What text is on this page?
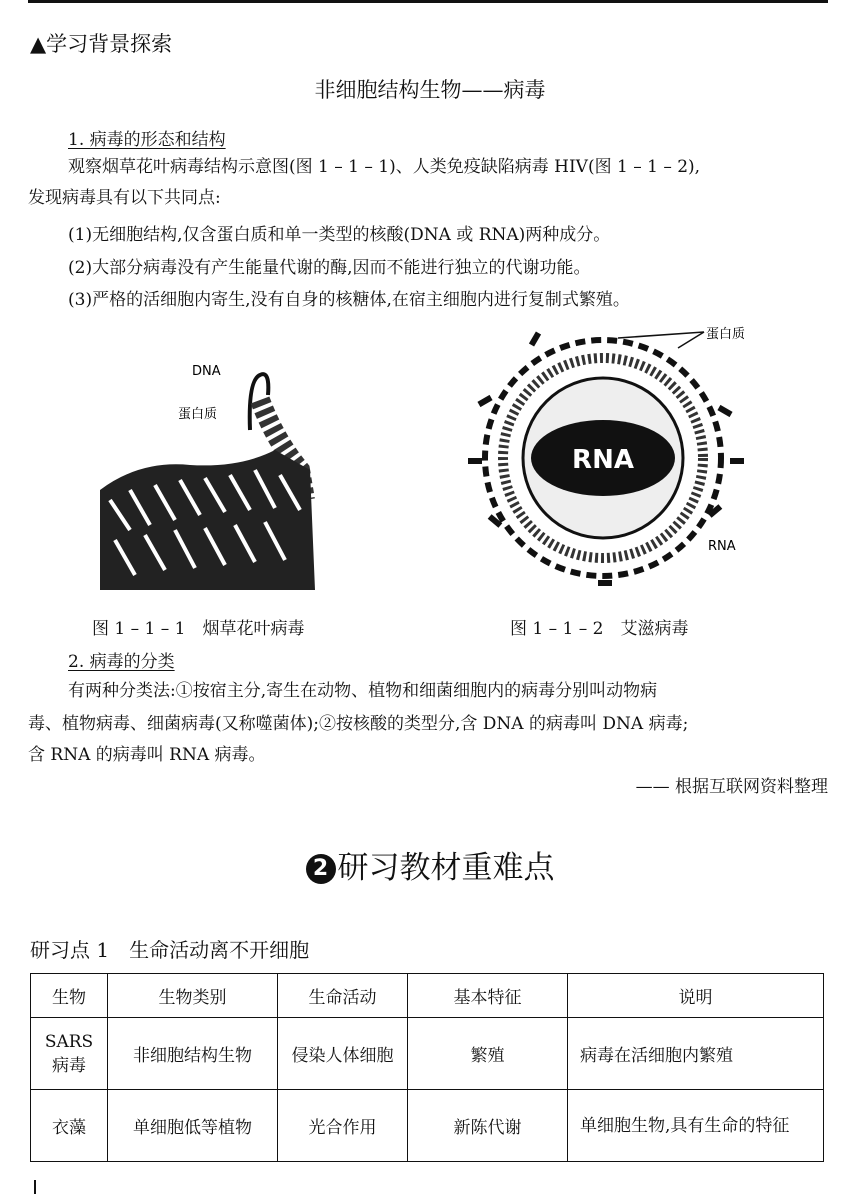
▲学习背景探索
非细胞结构生物——病毒
1. 病毒的形态和结构
观察烟草花叶病毒结构示意图(图 1 – 1 – 1)、人类免疫缺陷病毒 HIV(图 1 – 1 – 2),
发现病毒具有以下共同点:
(1)无细胞结构,仅含蛋白质和单一类型的核酸(DNA 或 RNA)两种成分。
(2)大部分病毒没有产生能量代谢的酶,因而不能进行独立的代谢功能。
(3)严格的活细胞内寄生,没有自身的核糖体,在宿主细胞内进行复制式繁殖。
DNA
蛋白质
蛋白质
RNA
RNA
图 1 – 1 – 1　烟草花叶病毒	图 1 – 1 – 2　艾滋病毒
2. 病毒的分类
有两种分类法:①按宿主分,寄生在动物、植物和细菌细胞内的病毒分别叫动物病
毒、植物病毒、细菌病毒(又称噬菌体);②按核酸的类型分,含 DNA 的病毒叫 DNA 病毒;
含 RNA 的病毒叫 RNA 病毒。
—— 根据互联网资料整理
2 研习教材重难点
研习点 1　生命活动离不开细胞
生物	生物类别	生命活动	基本特征	说明
SARS 病毒	非细胞结构生物	侵染人体细胞	繁殖	病毒在活细胞内繁殖
衣藻	单细胞低等植物	光合作用	新陈代谢	单细胞生物,具有生命的特征
